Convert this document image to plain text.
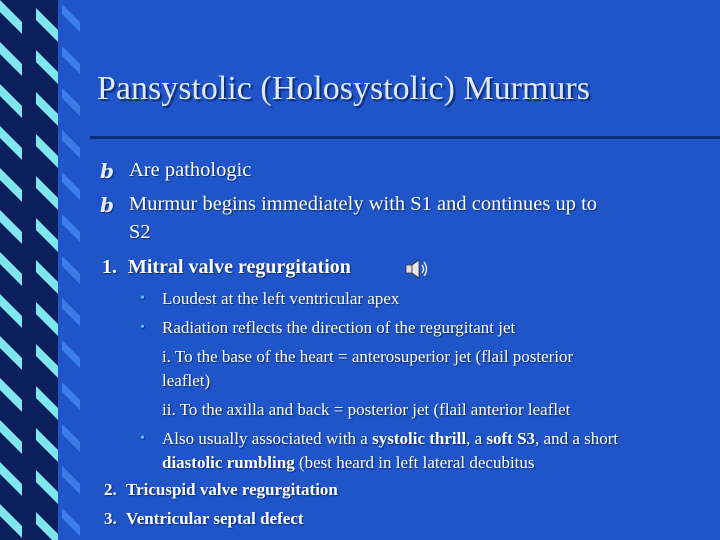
Pansystolic (Holosystolic) Murmurs
b Are pathologic
b Murmur begins immediately with S1 and continues up to
S2
1. Mitral valve regurgitation
• Loudest at the left ventricular apex
• Radiation reflects the direction of the regurgitant jet
i. To the base of the heart = anterosuperior jet (flail posterior
leaflet)
ii. To the axilla and back = posterior jet (flail anterior leaflet
• Also usually associated with a systolic thrill, a soft S3, and a short
diastolic rumbling (best heard in left lateral decubitus
2. Tricuspid valve regurgitation
3. Ventricular septal defect
